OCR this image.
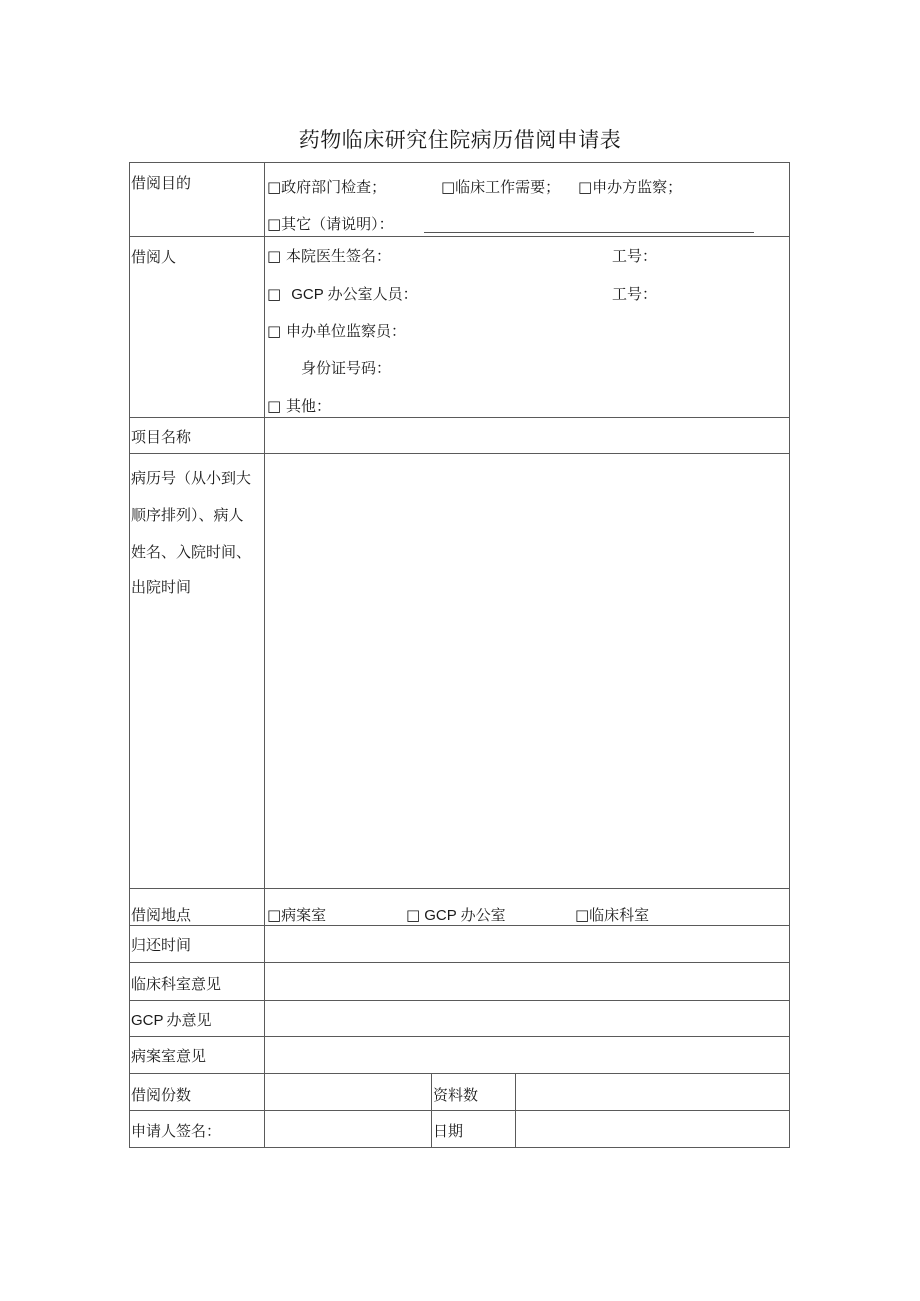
药物临床研究住院病历借阅申请表
借阅目的	□政府部门检查；	□临床工作需要； □申办方监察；
□其它（请说明）：
借阅人	□ 本院医生签名：	工号：
□ GCP 办公室人员：	工号：
□ 申办单位监察员：
身份证号码：
□ 其他：
项目名称
病历号（从小到大
顺序排列）、病人
姓名、入院时间、
出院时间
借阅地点	□病案室	□ GCP 办公室	□临床科室
归还时间
临床科室意见
GCP 办意见
病案室意见
借阅份数	资料数
申请人签名：	日期
